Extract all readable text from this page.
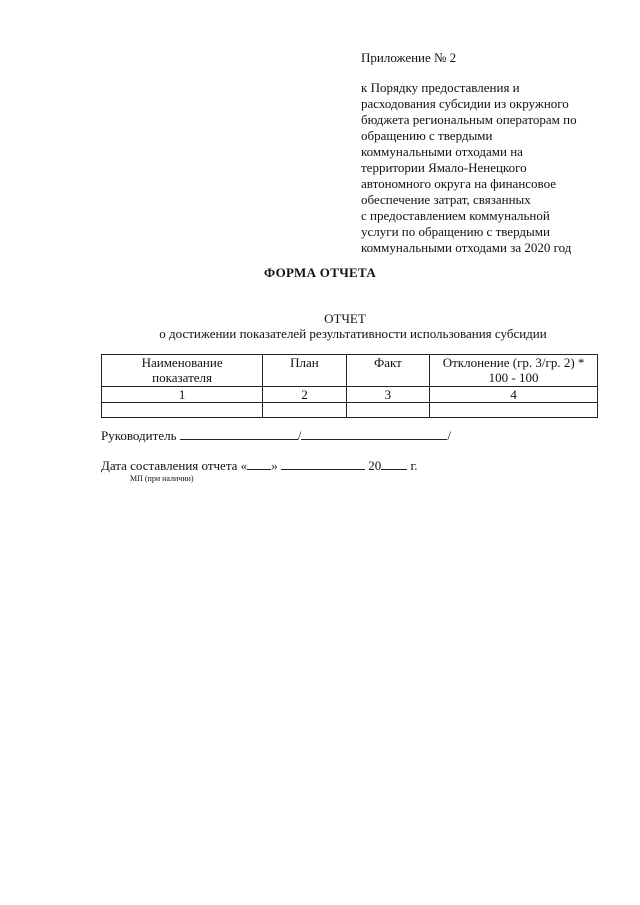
Приложение № 2

к Порядку предоставления и
расходования субсидии из окружного
бюджета региональным операторам по
обращению с твердыми
коммунальными отходами на
территории Ямало-Ненецкого
автономного округа на финансовое
обеспечение затрат, связанных
с предоставлением коммунальной
услуги по обращению с твердыми
коммунальными отходами за 2020 год

ФОРМА ОТЧЕТА
ОТЧЕТ
о достижении показателей результативности использования субсидии
Наименование показателя	План	Факт	Отклонение (гр. 3/гр. 2) * 100 - 100

1	2	3	4

Руководитель	/	/
Дата составления отчета « »	20 г.
МП (при наличии)
